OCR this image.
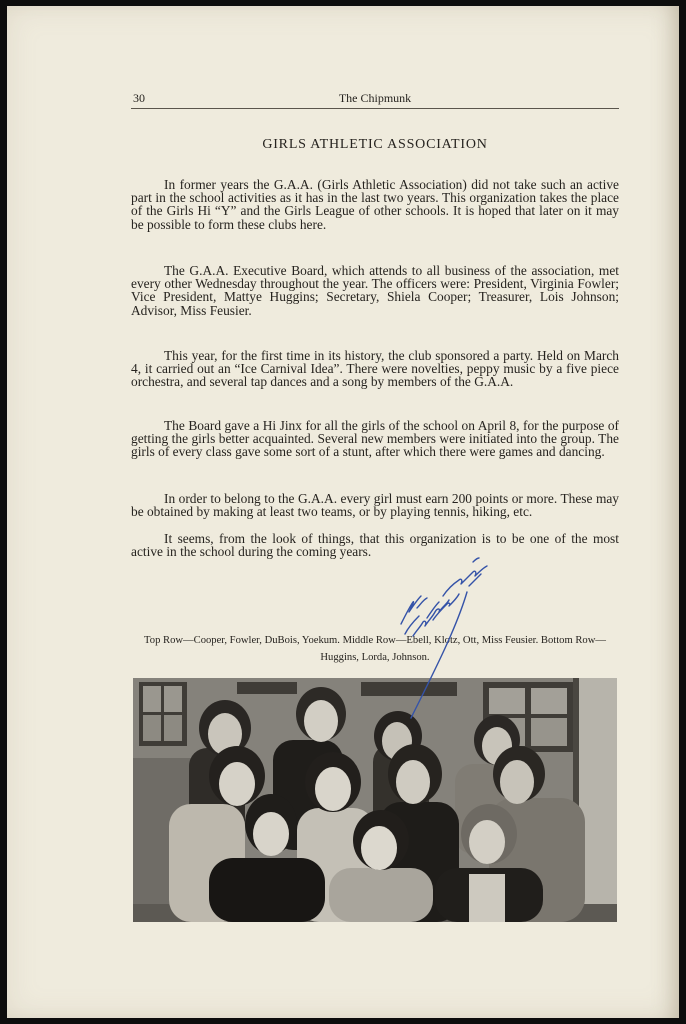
30	The Chipmunk
GIRLS ATHLETIC ASSOCIATION

In former years the G.A.A. (Girls Athletic Association) did not take such an active part in the school activities as it has in the last two years. This organization takes the place of the Girls Hi “Y” and the Girls League of other schools. It is hoped that later on it may be possible to form these clubs here.

The G.A.A. Executive Board, which attends to all business of the association, met every other Wednesday throughout the year. The officers were: President, Virginia Fowler; Vice President, Mattye Huggins; Secretary, Shiela Cooper; Treasurer, Lois Johnson; Advisor, Miss Feusier.

This year, for the first time in its history, the club sponsored a party. Held on March 4, it carried out an “Ice Carnival Idea”. There were novelties, peppy music by a five piece orchestra, and several tap dances and a song by members of the G.A.A.

The Board gave a Hi Jinx for all the girls of the school on April 8, for the purpose of getting the girls better acquainted. Several new members were initiated into the group. The girls of every class gave some sort of a stunt, after which there were games and dancing.

In order to belong to the G.A.A. every girl must earn 200 points or more. These may be obtained by making at least two teams, or by playing tennis, hiking, etc.

It seems, from the look of things, that this organization is to be one of the most active in the school during the coming years.

Top Row—Cooper, Fowler, DuBois, Yoekum. Middle Row—Ebell, Klotz, Ott, Miss Feusier. Bottom Row—Huggins, Lorda, Johnson.
